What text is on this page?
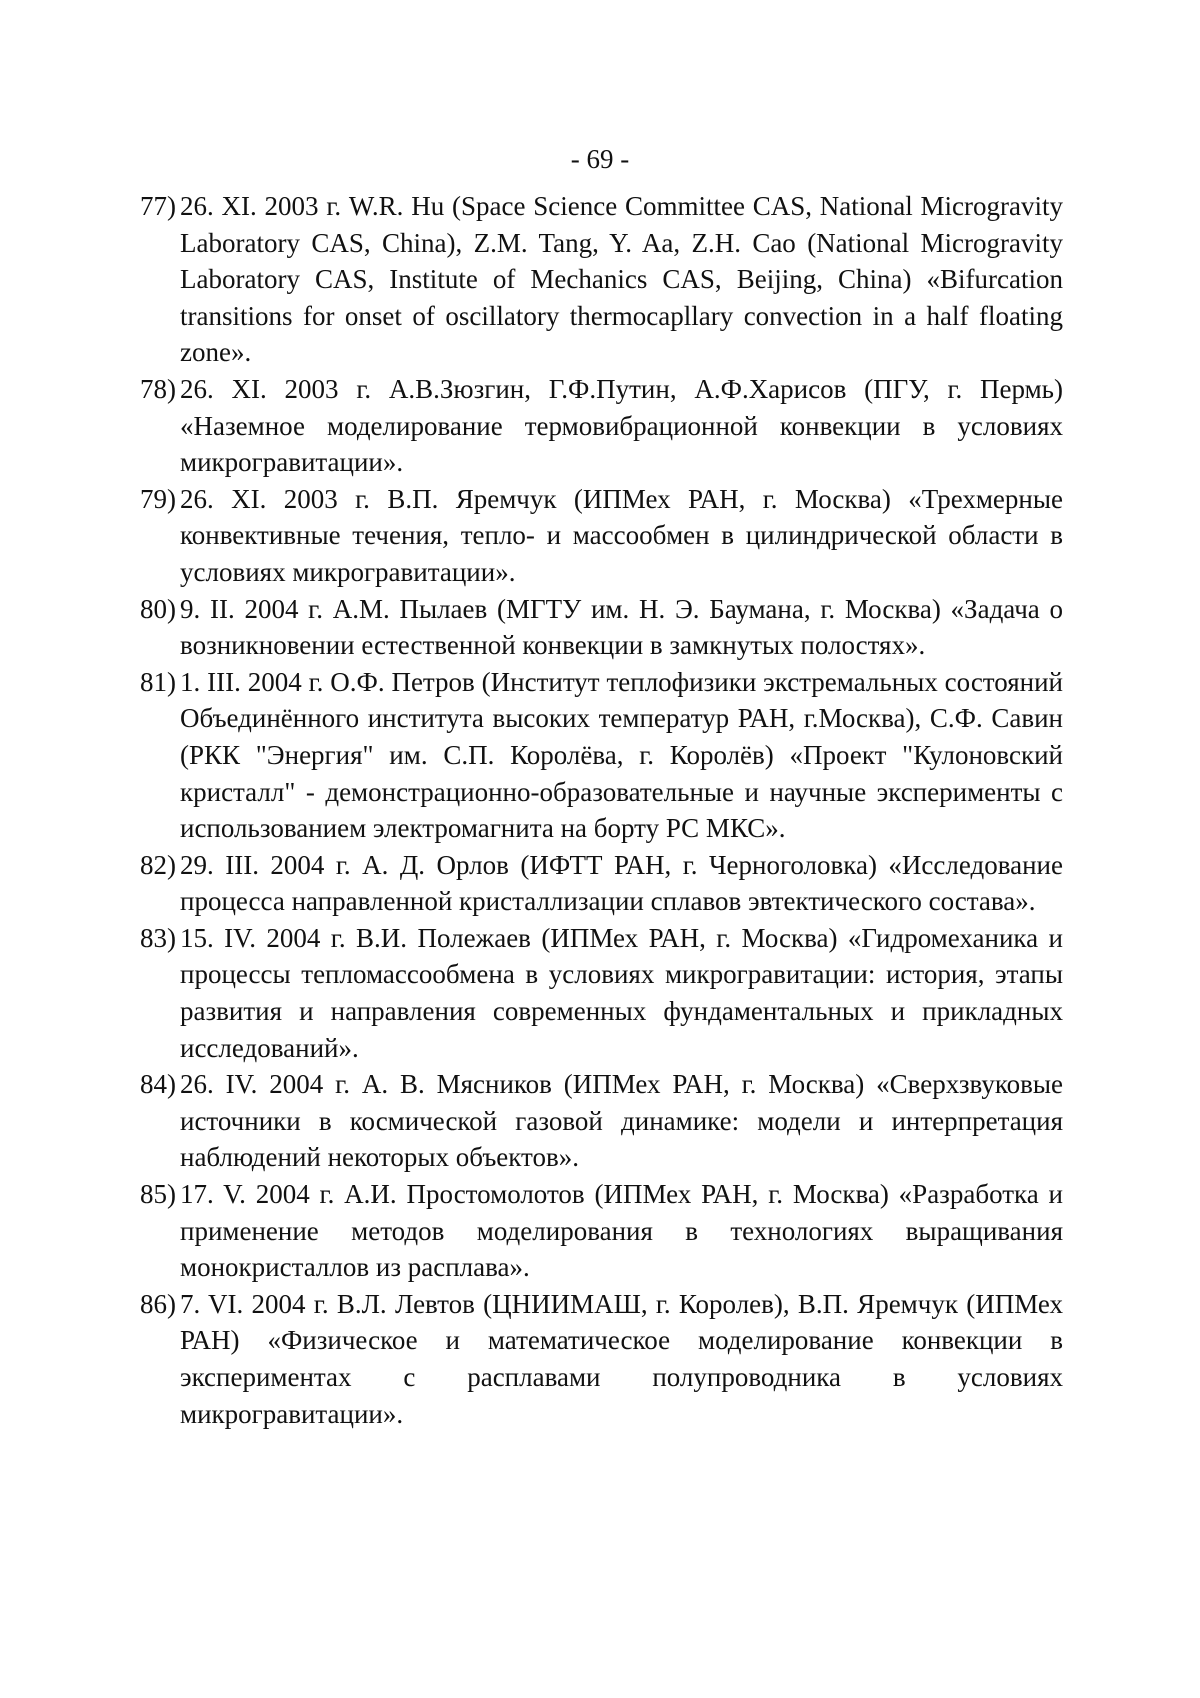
- 69 -
77) 26. XI. 2003 г. W.R. Hu (Space Science Committee CAS, National Microgravity Laboratory CAS, China), Z.M. Tang, Y. Aa, Z.H. Cao (National Microgravity Laboratory CAS, Institute of Mechanics CAS, Beijing, China) «Bifurcation transitions for onset of oscillatory thermocapllary convection in a half floating zone».
78) 26. XI. 2003 г. А.В.Зюзгин, Г.Ф.Путин, А.Ф.Харисов (ПГУ, г. Пермь) «Наземное моделирование термовибрационной конвекции в условиях микрогравитации».
79) 26. XI. 2003 г. В.П. Яремчук (ИПМех РАН, г. Москва) «Трехмерные конвективные течения, тепло- и массообмен в цилиндрической области в условиях микрогравитации».
80) 9. II. 2004 г. А.М. Пылаев (МГТУ им. Н. Э. Баумана, г. Москва) «Задача о возникновении естественной конвекции в замкнутых полостях».
81) 1. III. 2004 г. О.Ф. Петров (Институт теплофизики экстремальных состояний Объединённого института высоких температур РАН, г.Москва), С.Ф. Савин (РКК "Энергия" им. С.П. Королёва, г. Королёв) «Проект "Кулоновский кристалл" - демонстрационно-образовательные и научные эксперименты с использованием электромагнита на борту РС МКС».
82) 29. III. 2004 г. А. Д. Орлов (ИФТТ РАН, г. Черноголовка) «Исследование процесса направленной кристаллизации сплавов эвтектического состава».
83) 15. IV. 2004 г. В.И. Полежаев (ИПМех РАН, г. Москва) «Гидромеханика и процессы тепломассообмена в условиях микрогравитации: история, этапы развития и направления современных фундаментальных и прикладных исследований».
84) 26. IV. 2004 г. А. В. Мясников (ИПМех РАН, г. Москва) «Сверхзвуковые источники в космической газовой динамике: модели и интерпретация наблюдений некоторых объектов».
85) 17. V. 2004 г. А.И. Простомолотов (ИПМех РАН, г. Москва) «Разработка и применение методов моделирования в технологиях выращивания монокристаллов из расплава».
86) 7. VI. 2004 г. В.Л. Левтов (ЦНИИМАШ, г. Королев), В.П. Яремчук (ИПМех РАН) «Физическое и математическое моделирование конвекции в экспериментах с расплавами полупроводника в условиях микрогравитации».
